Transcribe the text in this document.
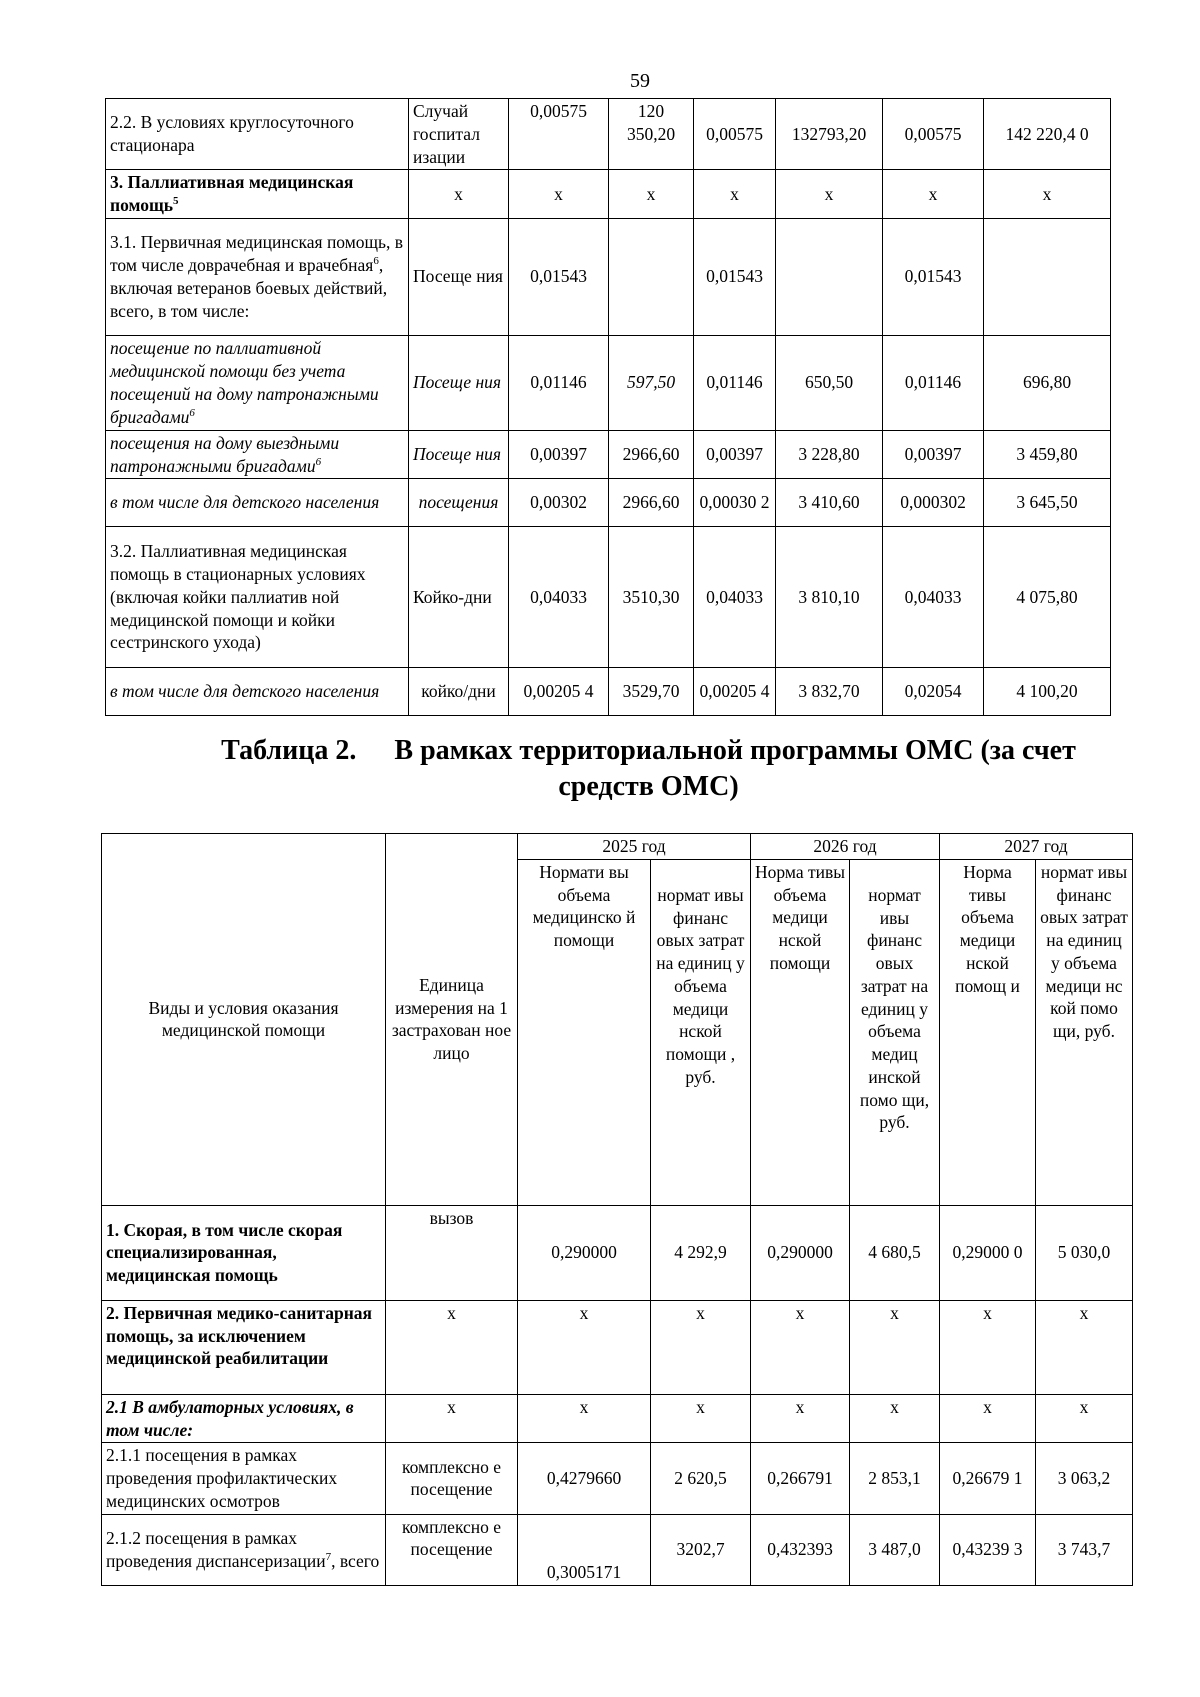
59
2.2. В условиях круглосуточного стационара	Случай госпитал изации	0,00575	120 350,20	0,00575	132793,20	0,00575	142 220,4 0
3. Паллиативная медицинская помощь$^5$	x	x	x	x	x	x	x
3.1. Первичная медицинская помощь, в том числе доврачебная и врачебная$^6$, включая ветеранов боевых действий, всего, в том числе:	Посеще ния	0,01543		0,01543		0,01543	
посещение по паллиативной медицинской помощи без учета посещений на дому патронажными бригадами$^6$	Посеще ния	0,01146	597,50	0,01146	650,50	0,01146	696,80
посещения на дому выездными патронажными бригадами$^6$	Посеще ния	0,00397	2966,60	0,00397	3 228,80	0,00397	3 459,80
в том числе для детского населения	посещения	0,00302	2966,60	0,00030 2	3 410,60	0,000302	3 645,50
3.2. Паллиативная медицинская помощь в стационарных условиях (включая койки паллиатив ной медицинской помощи и койки сестринского ухода)	Койко-дни	0,04033	3510,30	0,04033	3 810,10	0,04033	4 075,80
в том числе для детского населения	койко/дни	0,00205 4	3529,70	0,00205 4	3 832,70	0,02054	4 100,20
Таблица 2. В рамках территориальной программы ОМС (за счет
средств ОМС)
Виды и условия оказания медицинской помощи	Единица измерения на 1 застрахован ное лицо	2025 год		2026 год		2027 год	
		Нормати вы объема медицинско й помощи	нормат ивы финанс овых затрат на единиц у объема медици нской помощи , руб.	Норма тивы объема медици нской помощи	нормат ивы финанс овых затрат на единиц у объема медиц инской помо щи, руб.	Норма тивы объема медици нской помощ и	нормат ивы финанс овых затрат на единиц у объема медици нс кой помо щи, руб.
1. Скорая, в том числе скорая специализированная, медицинская помощь	вызов	0,290000	4 292,9	0,290000	4 680,5	0,29000 0	5 030,0
2. Первичная медико-санитарная помощь, за исключением медицинской реабилитации	x	x	x	x	x	x	x
2.1 В амбулаторных условиях, в том числе:	x	x	x	x	x	x	x
2.1.1 посещения в рамках проведения профилактических медицинских осмотров	комплексно е посещение	0,4279660	2 620,5	0,266791	2 853,1	0,26679 1	3 063,2
2.1.2 посещения в рамках проведения диспансеризации$^7$, всего	комплексно е посещение	0,3005171	3202,7	0,432393	3 487,0	0,43239 3	3 743,7
